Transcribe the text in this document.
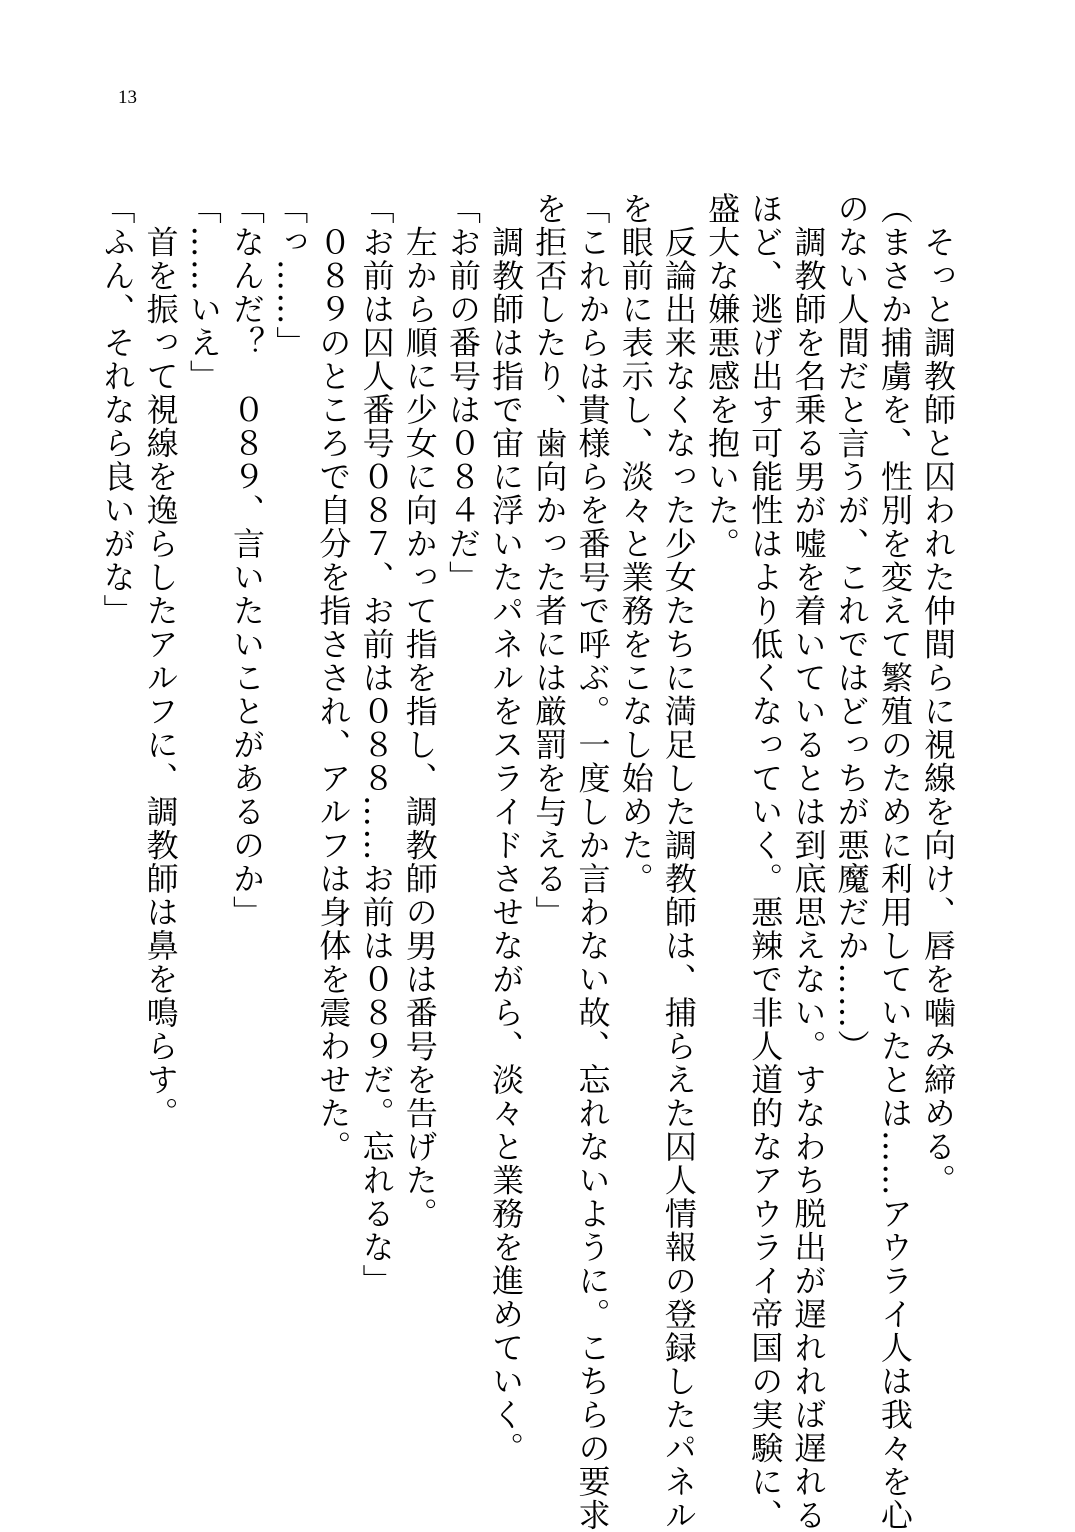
13
　そっと調教師と囚われた仲間らに視線を向け、唇を噛み締める。
（まさか捕虜を、性別を変えて繁殖のために利用していたとは……アウライ人は我々を心
のない人間だと言うが、これではどっちが悪魔だか……）
　調教師を名乗る男が嘘を着いているとは到底思えない。すなわち脱出が遅れれば遅れる
ほど、逃げ出す可能性はより低くなっていく。悪辣で非人道的なアウライ帝国の実験に、
盛大な嫌悪感を抱いた。
　反論出来なくなった少女たちに満足した調教師は、捕らえた囚人情報の登録したパネル
を眼前に表示し、淡々と業務をこなし始めた。
「これからは貴様らを番号で呼ぶ。一度しか言わない故、忘れないように。こちらの要求
を拒否したり、歯向かった者には厳罰を与える」
　調教師は指で宙に浮いたパネルをスライドさせながら、淡々と業務を進めていく。
「お前の番号は０８４だ」
　左から順に少女に向かって指を指し、調教師の男は番号を告げた。
「お前は囚人番号０８７、お前は０８８……お前は０８９だ。忘れるな」
　０８９のところで自分を指さされ、アルフは身体を震わせた。
「っ……」
「なんだ？　０８９、言いたいことがあるのか」
「……いえ」
　首を振って視線を逸らしたアルフに、調教師は鼻を鳴らす。
「ふん、それなら良いがな」
